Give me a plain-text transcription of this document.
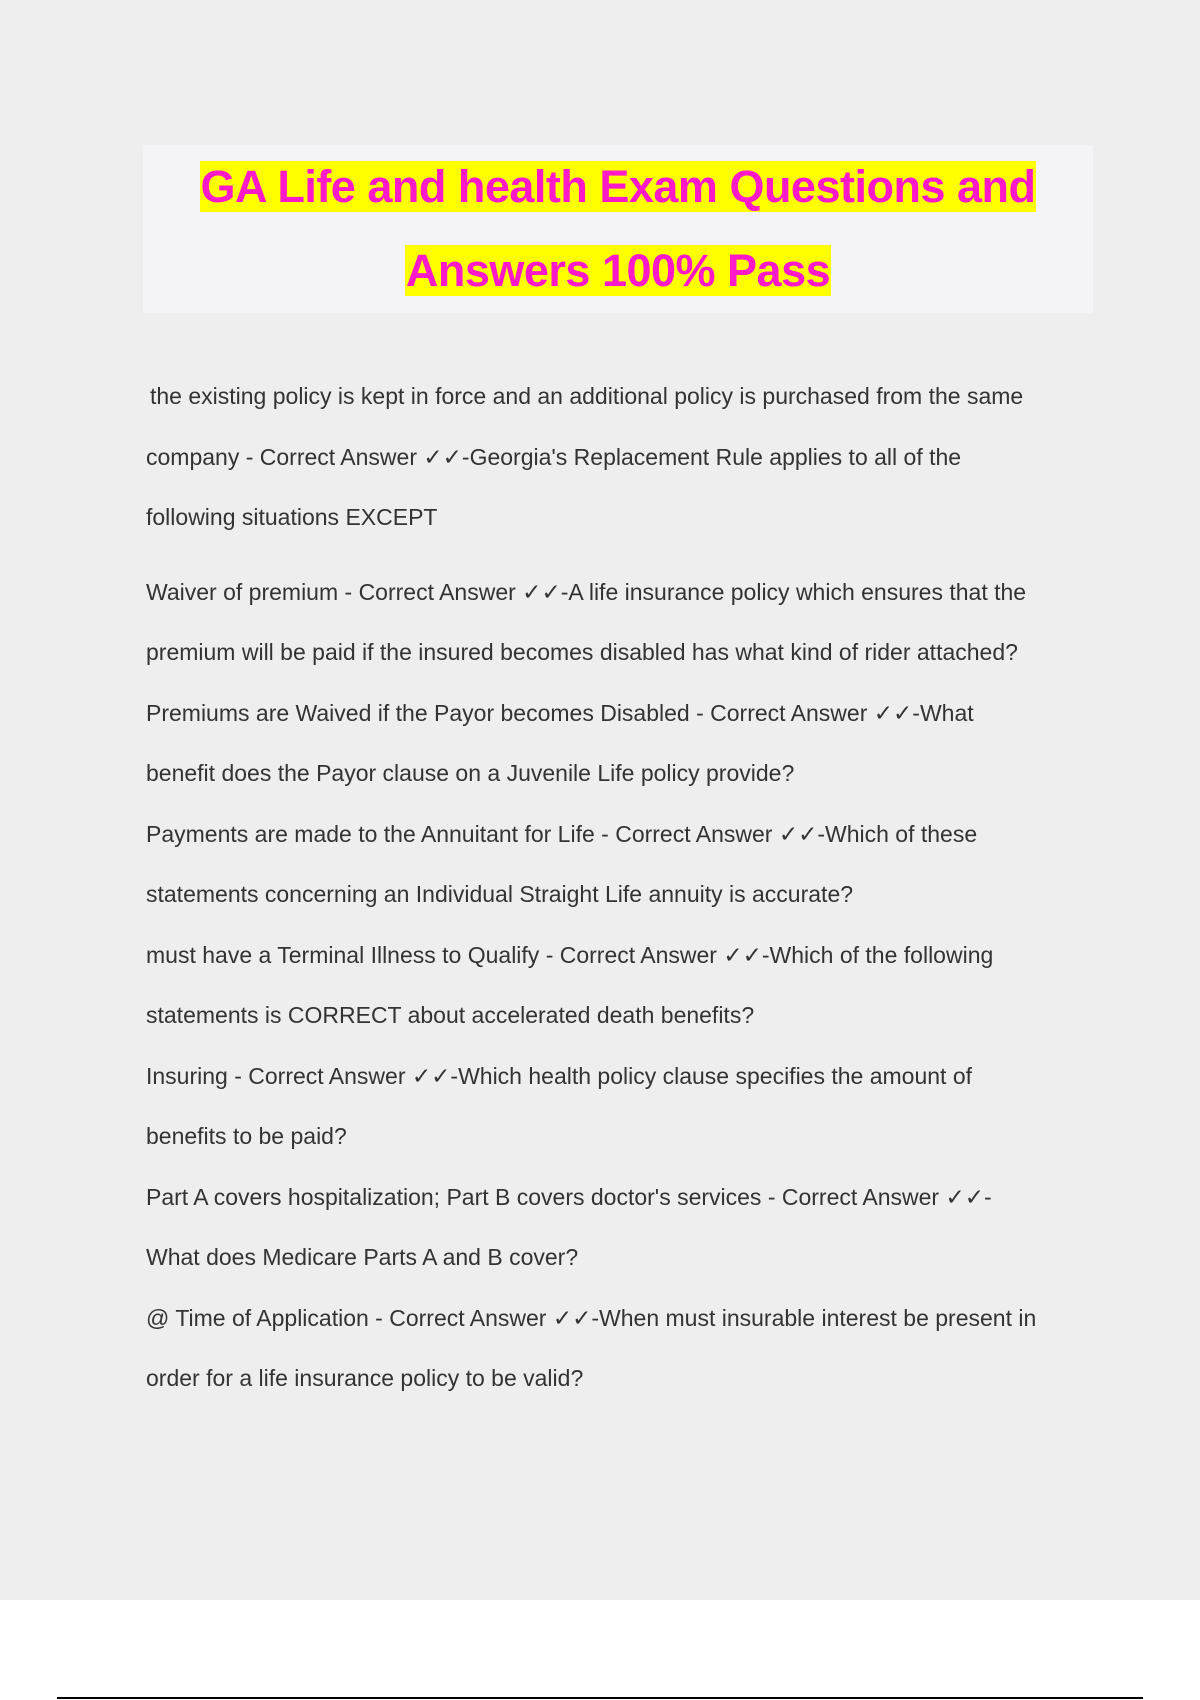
GA Life and health Exam Questions and
Answers 100% Pass
the existing policy is kept in force and an additional policy is purchased from the same
company - Correct Answer ✓✓-Georgia's Replacement Rule applies to all of the
following situations EXCEPT
Waiver of premium - Correct Answer ✓✓-A life insurance policy which ensures that the
premium will be paid if the insured becomes disabled has what kind of rider attached?
Premiums are Waived if the Payor becomes Disabled - Correct Answer ✓✓-What
benefit does the Payor clause on a Juvenile Life policy provide?
Payments are made to the Annuitant for Life - Correct Answer ✓✓-Which of these
statements concerning an Individual Straight Life annuity is accurate?
must have a Terminal Illness to Qualify - Correct Answer ✓✓-Which of the following
statements is CORRECT about accelerated death benefits?
Insuring - Correct Answer ✓✓-Which health policy clause specifies the amount of
benefits to be paid?
Part A covers hospitalization; Part B covers doctor's services - Correct Answer ✓✓-
What does Medicare Parts A and B cover?
@ Time of Application - Correct Answer ✓✓-When must insurable interest be present in
order for a life insurance policy to be valid?
